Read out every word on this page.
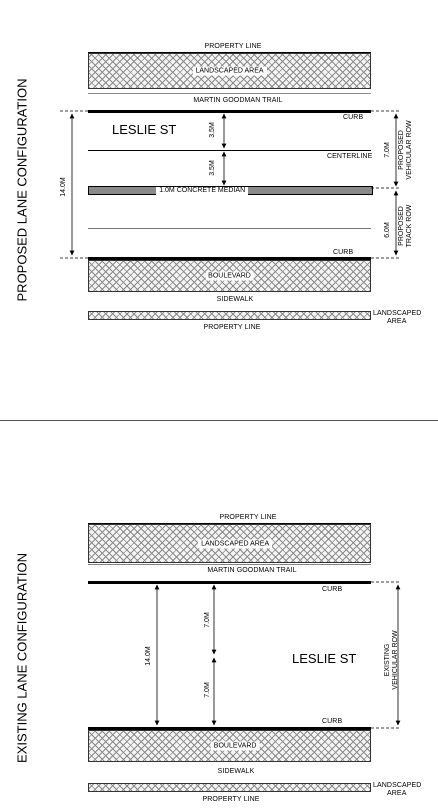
PROPOSED LANE CONFIGURATION
PROPERTY LINE
LANDSCAPED AREA
MARTIN GOODMAN TRAIL
CURB
LESLIE ST
CENTERLINE
1.0M CONCRETE MEDIAN
CURB
BOULEVARD
SIDEWALK
LANDSCAPED
AREA
PROPERTY LINE
14.0M
3.5M
3.5M
6.0M
7.0M PROPOSED VEHICULAR ROW
PROPOSED TRACK ROW
EXISTING LANE CONFIGURATION
PROPERTY LINE
LANDSCAPED AREA
MARTIN GOODMAN TRAIL
CURB
LESLIE ST
CURB
BOULEVARD
SIDEWALK
LANDSCAPED
AREA
PROPERTY LINE
14.0M
7.0M
7.0M
EXISTING VEHICULAR ROW
